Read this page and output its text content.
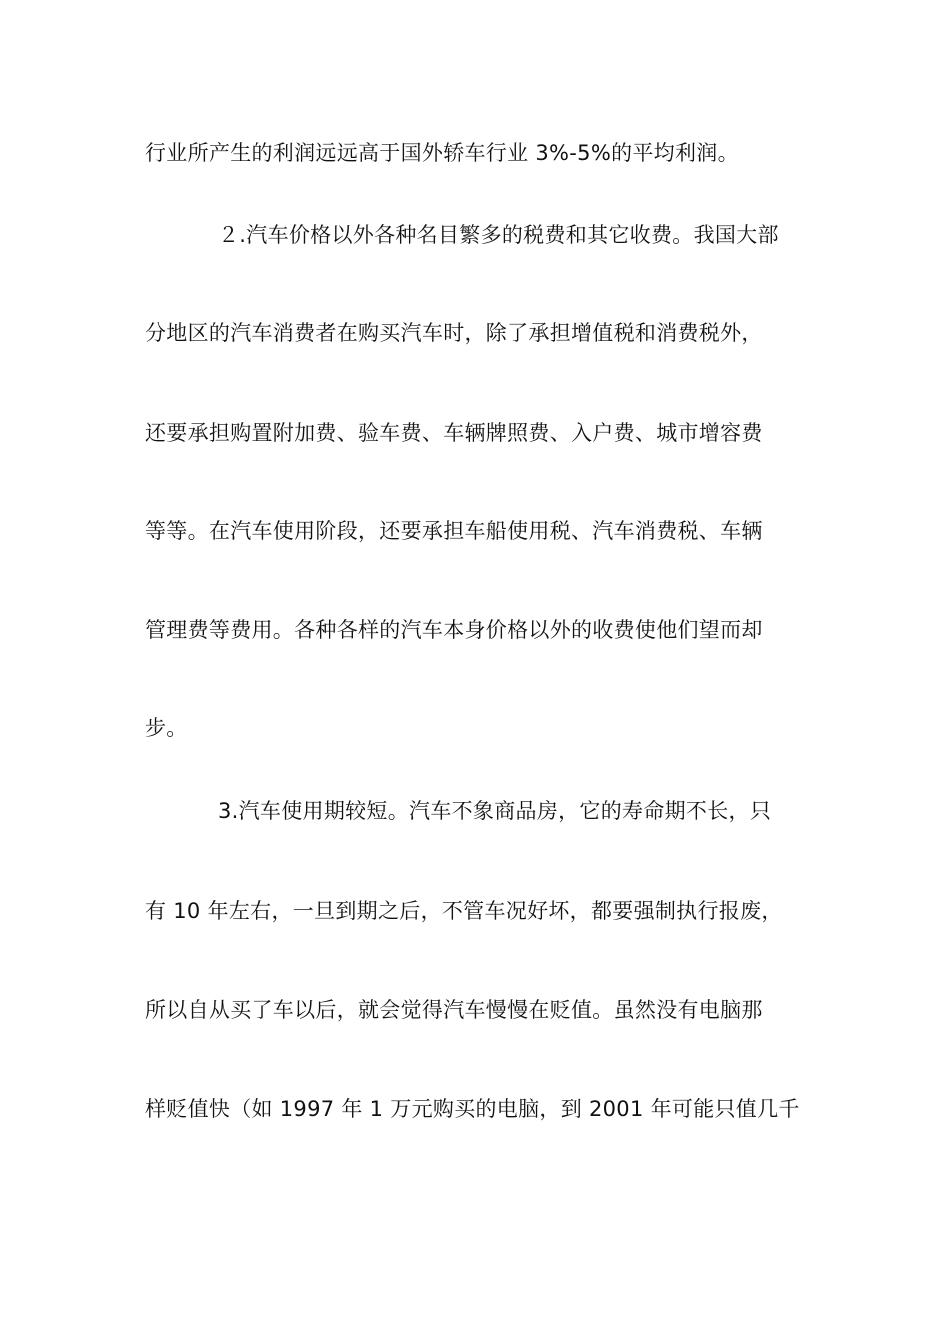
行业所产生的利润远远高于国外轿车行业 3%-5%的平均利润。
２.汽车价格以外各种名目繁多的税费和其它收费。我国大部
分地区的汽车消费者在购买汽车时，除了承担增值税和消费税外，
还要承担购置附加费、验车费、车辆牌照费、入户费、城市增容费
等等。在汽车使用阶段，还要承担车船使用税、汽车消费税、车辆
管理费等费用。各种各样的汽车本身价格以外的收费使他们望而却
步。
3.汽车使用期较短。汽车不象商品房，它的寿命期不长，只
有 10 年左右，一旦到期之后，不管车况好坏，都要强制执行报废，
所以自从买了车以后，就会觉得汽车慢慢在贬值。虽然没有电脑那
样贬值快（如 1997 年 1 万元购买的电脑，到 2001 年可能只值几千
